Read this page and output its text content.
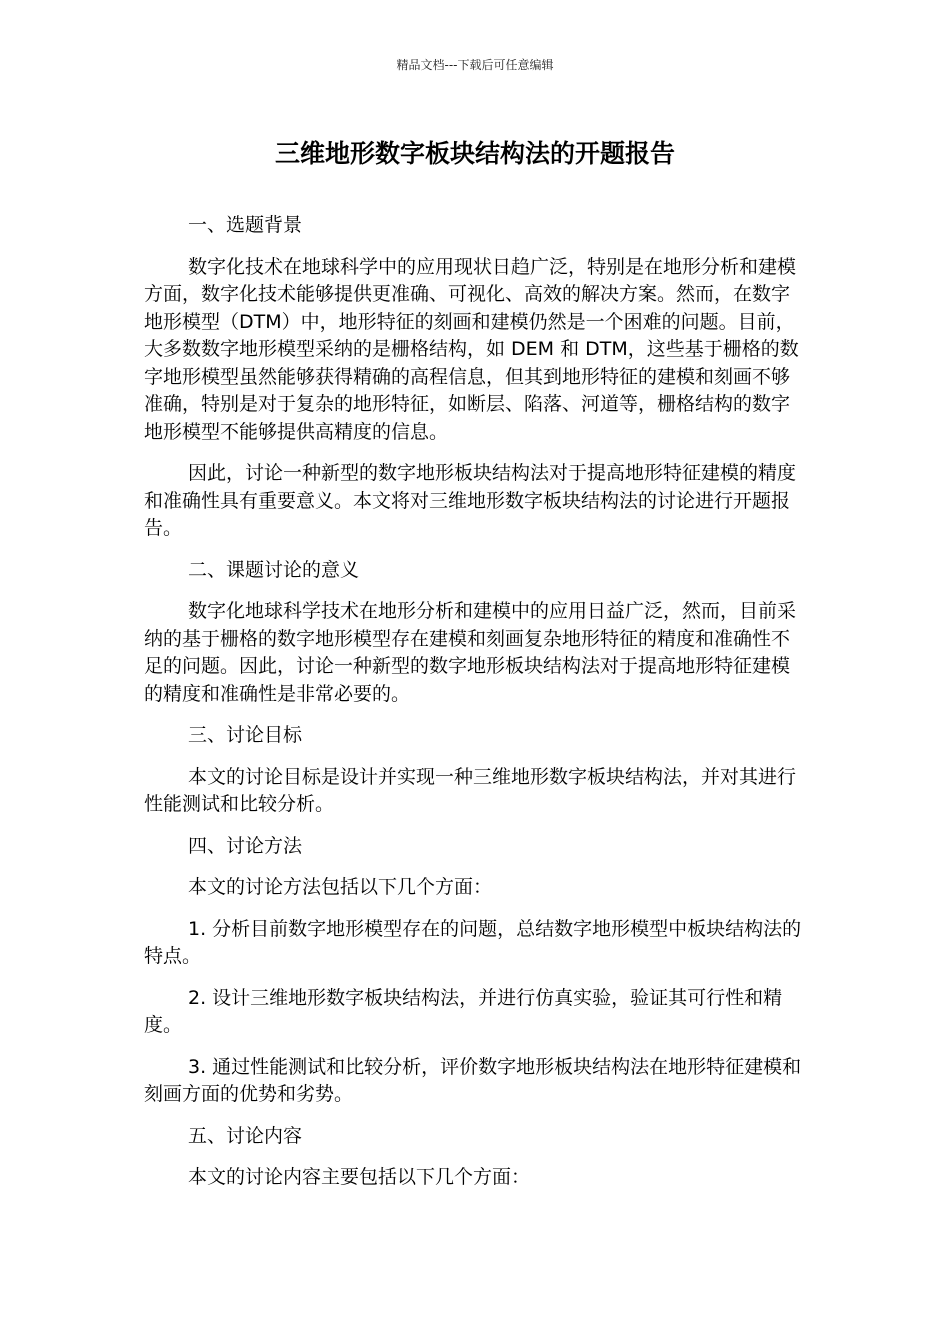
精品文档---下载后可任意编辑
三维地形数字板块结构法的开题报告

一、选题背景

数字化技术在地球科学中的应用现状日趋广泛，特别是在地形分析和建模方面，数字化技术能够提供更准确、可视化、高效的解决方案。然而，在数字地形模型（DTM）中，地形特征的刻画和建模仍然是一个困难的问题。目前，大多数数字地形模型采纳的是栅格结构，如 DEM 和 DTM，这些基于栅格的数字地形模型虽然能够获得精确的高程信息，但其到地形特征的建模和刻画不够准确，特别是对于复杂的地形特征，如断层、陷落、河道等，栅格结构的数字地形模型不能够提供高精度的信息。

因此，讨论一种新型的数字地形板块结构法对于提高地形特征建模的精度和准确性具有重要意义。本文将对三维地形数字板块结构法的讨论进行开题报告。

二、课题讨论的意义

数字化地球科学技术在地形分析和建模中的应用日益广泛，然而，目前采纳的基于栅格的数字地形模型存在建模和刻画复杂地形特征的精度和准确性不足的问题。因此，讨论一种新型的数字地形板块结构法对于提高地形特征建模的精度和准确性是非常必要的。

三、讨论目标

本文的讨论目标是设计并实现一种三维地形数字板块结构法，并对其进行性能测试和比较分析。

四、讨论方法

本文的讨论方法包括以下几个方面：

1. 分析目前数字地形模型存在的问题，总结数字地形模型中板块结构法的特点。

2. 设计三维地形数字板块结构法，并进行仿真实验，验证其可行性和精度。

3. 通过性能测试和比较分析，评价数字地形板块结构法在地形特征建模和刻画方面的优势和劣势。

五、讨论内容

本文的讨论内容主要包括以下几个方面：
